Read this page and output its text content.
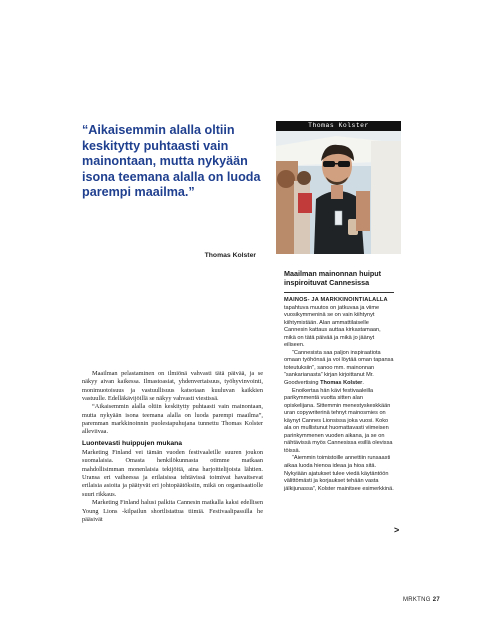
“Aikaisemmin alalla oltiin keskitytty puhtaasti vain mainontaan, mutta nykyään isona teemana alalla on luoda parempi maailma.”
Thomas Kolster

Maailman pelastaminen on ilmiönä vahvasti tätä päivää, ja se näkyy aivan kaikessa. Ilmastoasiat, yhdenvertaisuus, työhyvinvointi, monimuotoisuus ja vastuullisuus katsotaan kuuluvan kaikkien vastuulle. Edelläkävijöillä se näkyy vahvasti viestissä.

“Aikaisemmin alalla oltiin keskitytty puhtaasti vain mainontaan, mutta nykyään isona teemana alalla on luoda parempi maailma”, paremman markkinoinnin puolestapuhujana tunnettu Thomas Kolster alleviivaa.

Luontevasti huippujen mukana

Marketing Finland vei tämän vuoden festivaaleille suuren joukon suomalaisia. Omasta henkilökunnasta otimme matkaan mahdollisimman monenlaisia tekijöitä, aina harjoittelijoista lähtien. Uransa eri vaiheessa ja erilaisissa tehtävissä toimivat havaitsevat erilaisia asioita ja päätyvät eri johtopäätöksiin, mikä on organisaatiolle suuri rikkaus.

Marketing Finland halusi palkita Cannesin matkalla kaksi edellisen Young Lions -kilpailun shortlistattua tiimiä. Festivaalipassilla he pääsivät

Thomas Kolster
Maailman mainonnan huiput inspiroituvat Cannesissa

MAINOS- JA MARKKINOINTIALALLA tapahtuva muutos on jatkuvaa ja viime vuosikymmeninä se on vain kiihtynyt kiihtymistään. Alan ammattilaiselle Cannesin kattaus auttaa kirkastamaan, mikä on tätä päivää ja mikä jo jäänyt eiliseen.

“Cannesista saa paljon inspiraatiota omaan työhönsä ja voi löytää oman tapansa toteutuksiin”, sanoo mm. mainonnan “sankarianasta” kirjan kirjoittanut Mr. Goodvertising Thomas Kolster.

Enoikertaa hän kävi festivaaleilla parikymmentä vuotta sitten alan opiskelijana. Sittemmin menestyskeskkään uran copywriterinä tehnyt mainosmies on käynyt Cannes Lionsissa joka vuosi. Koko ala on mullistunut huomattavasti viimeisen parinkymmenen vuoden aikana, ja se on nähtävissä myös Cannesissa esillä olevissa töissä.

“Aiemmin toimistoille annettiin runsaasti aikaa luoda hienoa ideaa ja hioa sitä. Nykyiään ajatukset tulee viedä käytäntöön välittömästi ja korjaukset tehään vasta jälkijunassa”, Kolster mainitsee esimerkkinä.

>
MRKTNG 27
